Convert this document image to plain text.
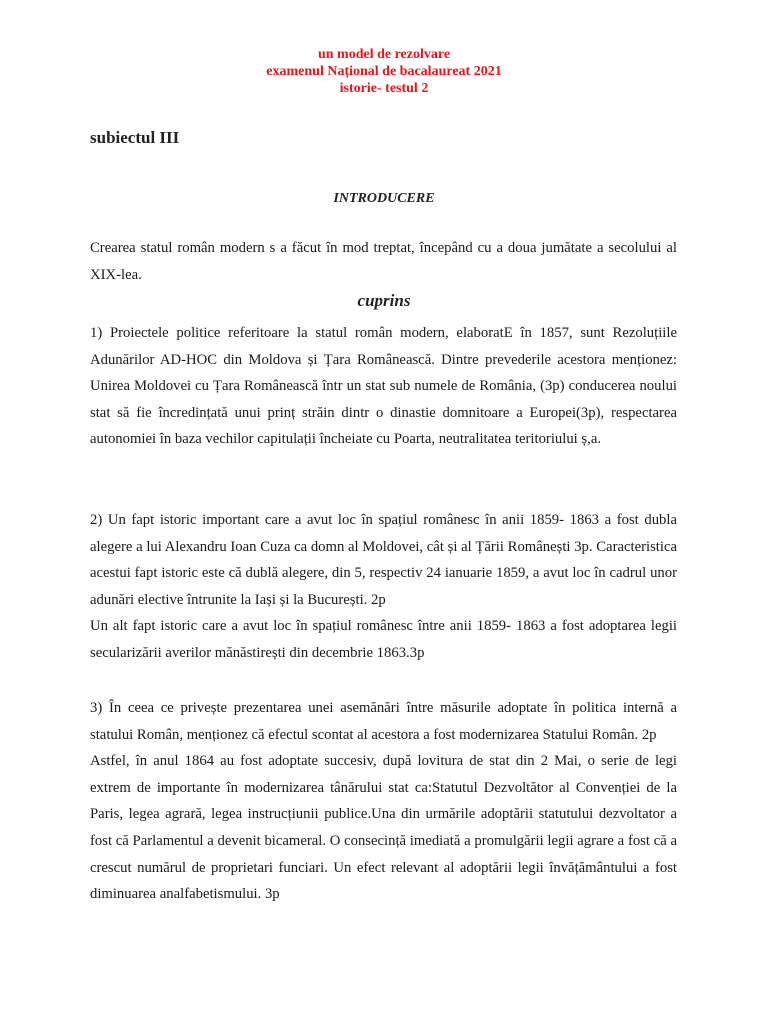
un model de rezolvare
examenul Național de bacalaureat 2021
istorie- testul 2
subiectul III
INTRODUCERE
Crearea statul român modern s a făcut în mod treptat, începând cu a doua jumătate a secolului al XIX-lea.
cuprins
1) Proiectele politice referitoare la statul român modern, elaboratE în 1857, sunt Rezoluțiile Adunărilor AD-HOC din Moldova și Țara Românească. Dintre prevederile acestora menționez: Unirea Moldovei cu Țara Românească într un stat sub numele de România, (3p) conducerea noului stat să fie încredințată unui prinț străin dintr o dinastie domnitoare a Europei(3p), respectarea autonomiei în baza vechilor capitulații încheiate cu Poarta, neutralitatea teritoriului ș,a.
2) Un fapt istoric important care a avut loc în spațiul românesc în anii 1859- 1863 a fost dubla alegere a lui Alexandru Ioan Cuza ca domn al Moldovei, cât și al Țării Românești 3p. Caracteristica acestui fapt istoric este că dublă alegere, din 5, respectiv 24 ianuarie 1859, a avut loc în cadrul unor adunări elective întrunite la Iași și la București. 2p
Un alt fapt istoric care a avut loc în spațiul românesc între anii 1859- 1863 a fost adoptarea legii secularizării averilor mănăstirești din decembrie 1863.3p
3) În ceea ce privește prezentarea unei asemănări între măsurile adoptate în politica internă a statului Român, menționez că efectul scontat al acestora a fost modernizarea Statului Român. 2p
Astfel, în anul 1864 au fost adoptate succesiv, după lovitura de stat din 2 Mai, o serie de legi extrem de importante în modernizarea tânărului stat ca:Statutul Dezvoltător al Convenției de la Paris, legea agrară, legea instrucțiunii publice.Una din urmările adoptării statutului dezvoltator a fost că Parlamentul a devenit bicameral. O consecință imediată a promulgării legii agrare a fost că a crescut numărul de proprietari funciari. Un efect relevant al adoptării legii învățământului a fost diminuarea analfabetismului. 3p
